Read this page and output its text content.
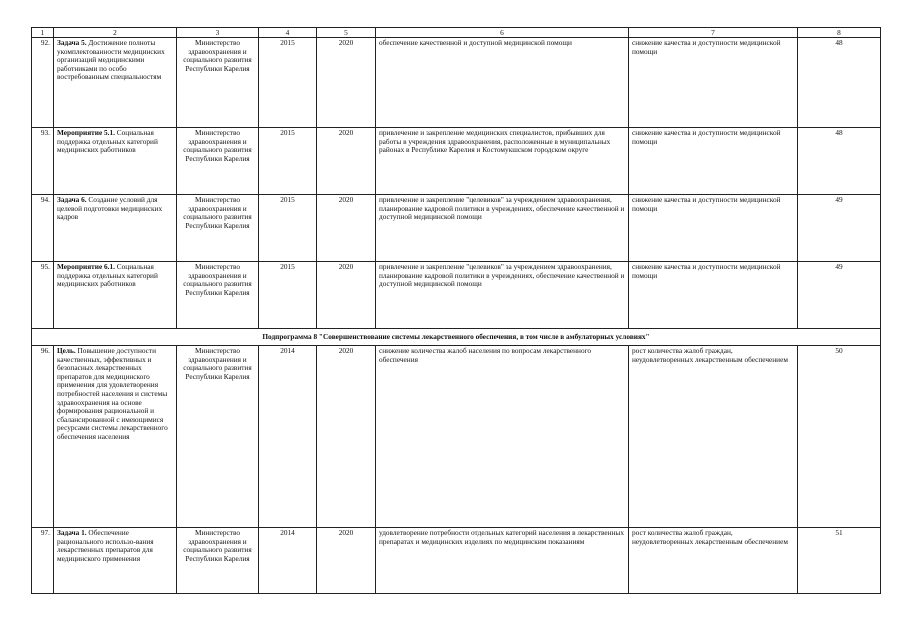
1	2	3	4	5	6	7	8
92.	Задача 5. Достижение полноты укомплектованности медицинских организаций медицинскими работниками по особо востребованным специальностям	Министерство здравоохранения и социального развития Республики Карелия	2015	2020	обеспечение качественной и доступной медицинской помощи	снижение качества и доступности медицинской помощи	48
93.	Мероприятие 5.1. Социальная поддержка отдельных категорий медицинских работников	Министерство здравоохранения и социального развития Республики Карелия	2015	2020	привлечение и закрепление медицинских специалистов, прибывших для работы в учреждения здравоохранения, расположенные в муниципальных районах в Республике Карелия и Костомукшском городском округе	снижение качества и доступности медицинской помощи	48
94.	Задача 6. Создание условий для целевой подготовки медицинских кадров	Министерство здравоохранения и социального развития Республики Карелия	2015	2020	привлечение и закрепление "целевиков" за учреждением здравоохранения, планирование кадровой политики в учреждениях, обеспечение качественной и доступной медицинской помощи	снижение качества и доступности медицинской помощи	49
95.	Мероприятие 6.1. Социальная поддержка отдельных категорий медицинских работников	Министерство здравоохранения и социального развития Республики Карелия	2015	2020	привлечение и закрепление "целевиков" за учреждением здравоохранения, планирование кадровой политики в учреждениях, обеспечение качественной и доступной медицинской помощи	снижение качества и доступности медицинской помощи	49
Подпрограмма 8 "Совершенствование системы лекарственного обеспечения, в том числе в амбулаторных условиях"							
96.	Цель. Повышение доступности качественных, эффективных и безопасных лекарственных препаратов для медицинского применения для удовлетворения потребностей населения и системы здравоохранения на основе формирования рациональной и сбалансированной с имеющимися ресурсами системы лекарственного обеспечения населения	Министерство здравоохранения и социального развития Республики Карелия	2014	2020	снижение количества жалоб населения по вопросам лекарственного обеспечения	рост количества жалоб граждан, неудовлетворенных лекарственным обеспечением	50
97.	Задача 1. Обеспечение рационального использо-вания лекарственных препаратов для медицинского применения	Министерство здравоохранения и социального развития Республики Карелия	2014	2020	удовлетворение потребности отдельных категорий населения в лекарственных препаратах и медицинских изделиях по медицинским показаниям	рост количества жалоб граждан, неудовлетворенных лекарственным обеспечением	51
